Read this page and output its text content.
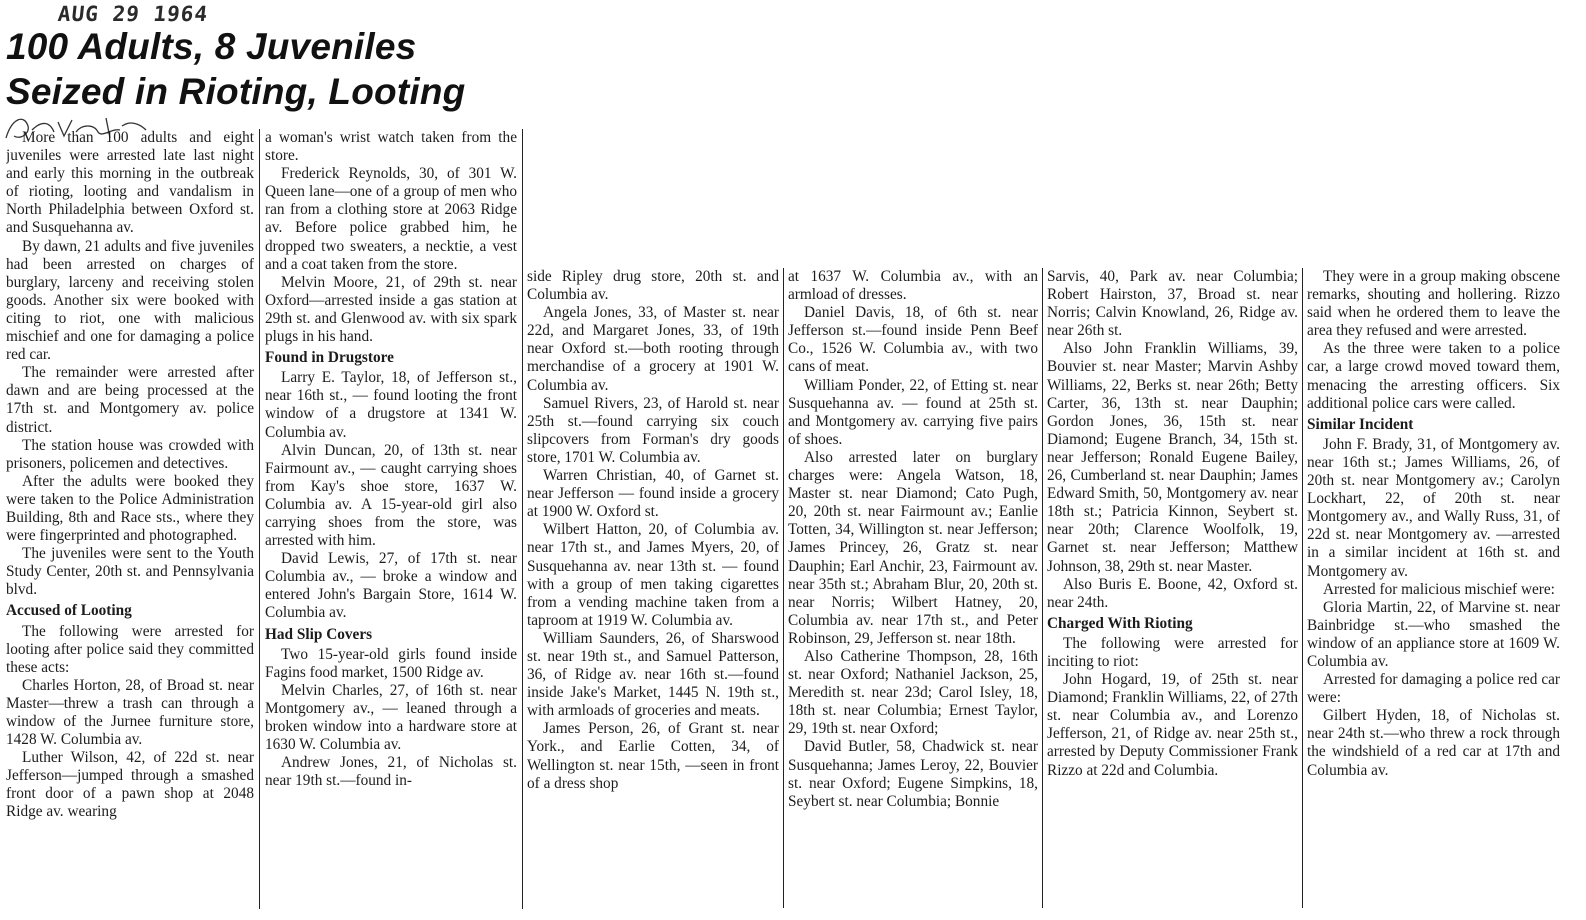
AUG 29 1964
100 Adults, 8 Juveniles
Seized in Rioting, Looting

More than 100 adults and eight juveniles were arrested late last night and early this morning in the outbreak of rioting, looting and vandalism in North Philadelphia between Oxford st. and Susquehanna av.

By dawn, 21 adults and five juveniles had been arrested on charges of burglary, larceny and receiving stolen goods. Another six were booked with citing to riot, one with malicious mischief and one for damaging a police red car.

The remainder were arrested after dawn and are being processed at the 17th st. and Montgomery av. police district.

The station house was crowded with prisoners, policemen and detectives.

After the adults were booked they were taken to the Police Administration Building, 8th and Race sts., where they were fingerprinted and photographed.

The juveniles were sent to the Youth Study Center, 20th st. and Pennsylvania blvd.

Accused of Looting

The following were arrested for looting after police said they committed these acts:

Charles Horton, 28, of Broad st. near Master—threw a trash can through a window of the Jurnee furniture store, 1428 W. Columbia av.

Luther Wilson, 42, of 22d st. near Jefferson—jumped through a smashed front door of a pawn shop at 2048 Ridge av. wearing

a woman's wrist watch taken from the store.

Frederick Reynolds, 30, of 301 W. Queen lane—one of a group of men who ran from a clothing store at 2063 Ridge av. Before police grabbed him, he dropped two sweaters, a necktie, a vest and a coat taken from the store.

Melvin Moore, 21, of 29th st. near Oxford—arrested inside a gas station at 29th st. and Glenwood av. with six spark plugs in his hand.

Found in Drugstore

Larry E. Taylor, 18, of Jefferson st., near 16th st., — found looting the front window of a drugstore at 1341 W. Columbia av.

Alvin Duncan, 20, of 13th st. near Fairmount av., — caught carrying shoes from Kay's shoe store, 1637 W. Columbia av. A 15-year-old girl also carrying shoes from the store, was arrested with him.

David Lewis, 27, of 17th st. near Columbia av., — broke a window and entered John's Bargain Store, 1614 W. Columbia av.

Had Slip Covers

Two 15-year-old girls found inside Fagins food market, 1500 Ridge av.

Melvin Charles, 27, of 16th st. near Montgomery av., — leaned through a broken window into a hardware store at 1630 W. Columbia av.

Andrew Jones, 21, of Nicholas st. near 19th st.—found in-

side Ripley drug store, 20th st. and Columbia av.

Angela Jones, 33, of Master st. near 22d, and Margaret Jones, 33, of 19th near Oxford st.—both rooting through merchandise of a grocery at 1901 W. Columbia av.

Samuel Rivers, 23, of Harold st. near 25th st.—found carrying six couch slipcovers from Forman's dry goods store, 1701 W. Columbia av.

Warren Christian, 40, of Garnet st. near Jefferson — found inside a grocery at 1900 W. Oxford st.

Wilbert Hatton, 20, of Columbia av. near 17th st., and James Myers, 20, of Susquehanna av. near 13th st. — found with a group of men taking cigarettes from a vending machine taken from a taproom at 1919 W. Columbia av.

William Saunders, 26, of Sharswood st. near 19th st., and Samuel Patterson, 36, of Ridge av. near 16th st.—found inside Jake's Market, 1445 N. 19th st., with armloads of groceries and meats.

James Person, 26, of Grant st. near York., and Earlie Cotten, 34, of Wellington st. near 15th, —seen in front of a dress shop

at 1637 W. Columbia av., with an armload of dresses.

Daniel Davis, 18, of 6th st. near Jefferson st.—found inside Penn Beef Co., 1526 W. Columbia av., with two cans of meat.

William Ponder, 22, of Etting st. near Susquehanna av. — found at 25th st. and Montgomery av. carrying five pairs of shoes.

Also arrested later on burglary charges were: Angela Watson, 18, Master st. near Diamond; Cato Pugh, 20, 20th st. near Fairmount av.; Eanlie Totten, 34, Willington st. near Jefferson; James Princey, 26, Gratz st. near Dauphin; Earl Anchir, 23, Fairmount av. near 35th st.; Abraham Blur, 20, 20th st. near Norris; Wilbert Hatney, 20, Columbia av. near 17th st., and Peter Robinson, 29, Jefferson st. near 18th.

Also Catherine Thompson, 28, 16th st. near Oxford; Nathaniel Jackson, 25, Meredith st. near 23d; Carol Isley, 18, 18th st. near Columbia; Ernest Taylor, 29, 19th st. near Oxford;

David Butler, 58, Chadwick st. near Susquehanna; James Leroy, 22, Bouvier st. near Oxford; Eugene Simpkins, 18, Seybert st. near Columbia; Bonnie

Sarvis, 40, Park av. near Columbia; Robert Hairston, 37, Broad st. near Norris; Calvin Knowland, 26, Ridge av. near 26th st.

Also John Franklin Williams, 39, Bouvier st. near Master; Marvin Ashby Williams, 22, Berks st. near 26th; Betty Carter, 36, 13th st. near Dauphin; Gordon Jones, 36, 15th st. near Diamond; Eugene Branch, 34, 15th st. near Jefferson; Ronald Eugene Bailey, 26, Cumberland st. near Dauphin; James Edward Smith, 50, Montgomery av. near 18th st.; Patricia Kinnon, Seybert st. near 20th; Clarence Woolfolk, 19, Garnet st. near Jefferson; Matthew Johnson, 38, 29th st. near Master.

Also Buris E. Boone, 42, Oxford st. near 24th.

Charged With Rioting

The following were arrested for inciting to riot:

John Hogard, 19, of 25th st. near Diamond; Franklin Williams, 22, of 27th st. near Columbia av., and Lorenzo Jefferson, 21, of Ridge av. near 25th st., arrested by Deputy Commissioner Frank Rizzo at 22d and Columbia.

They were in a group making obscene remarks, shouting and hollering. Rizzo said when he ordered them to leave the area they refused and were arrested.

As the three were taken to a police car, a large crowd moved toward them, menacing the arresting officers. Six additional police cars were called.

Similar Incident

John F. Brady, 31, of Montgomery av. near 16th st.; James Williams, 26, of 20th st. near Montgomery av.; Carolyn Lockhart, 22, of 20th st. near Montgomery av., and Wally Russ, 31, of 22d st. near Montgomery av. —arrested in a similar incident at 16th st. and Montgomery av.

Arrested for malicious mischief were:

Gloria Martin, 22, of Marvine st. near Bainbridge st.—who smashed the window of an appliance store at 1609 W. Columbia av.

Arrested for damaging a police red car were:

Gilbert Hyden, 18, of Nicholas st. near 24th st.—who threw a rock through the windshield of a red car at 17th and Columbia av.
